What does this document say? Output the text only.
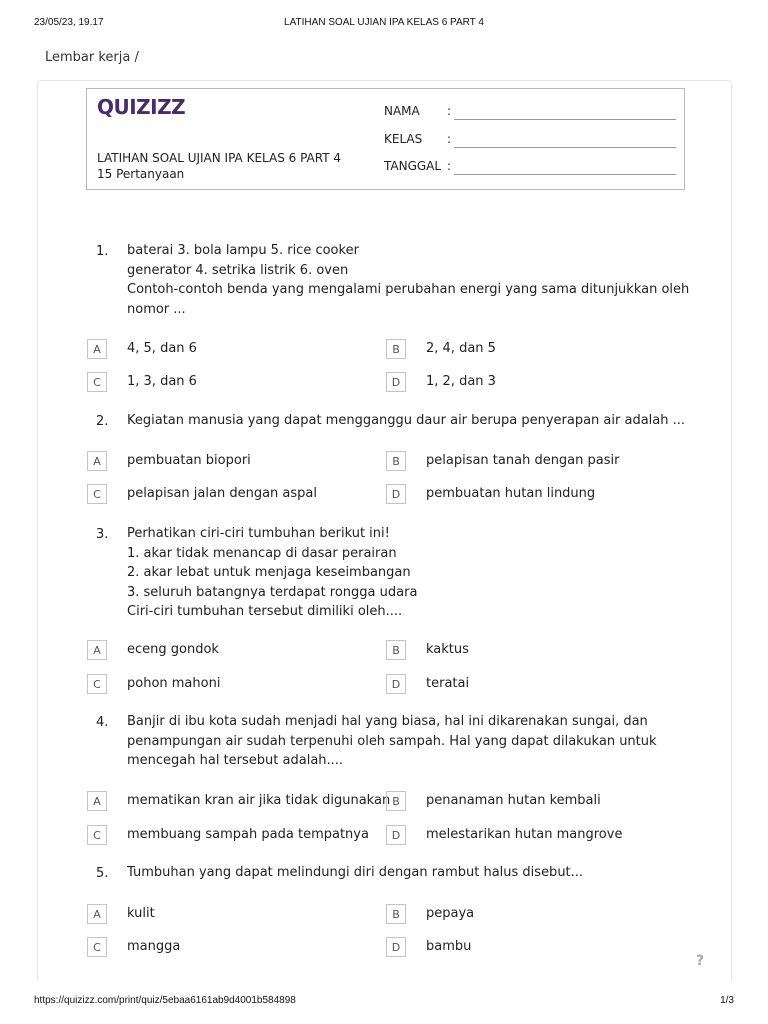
23/05/23, 19.17	LATIHAN SOAL UJIAN IPA KELAS 6 PART 4
Lembar kerja /
QUIZIZZ
LATIHAN SOAL UJIAN IPA KELAS 6 PART 4
15 Pertanyaan
NAMA :
KELAS :
TANGGAL :
1. baterai 3. bola lampu 5. rice cooker
generator 4. setrika listrik 6. oven
Contoh-contoh benda yang mengalami perubahan energi yang sama ditunjukkan oleh
nomor ...
A	4, 5, dan 6	B	2, 4, dan 5
C	1, 3, dan 6	D	1, 2, dan 3
2. Kegiatan manusia yang dapat mengganggu daur air berupa penyerapan air adalah ...
A	pembuatan biopori	B	pelapisan tanah dengan pasir
C	pelapisan jalan dengan aspal	D	pembuatan hutan lindung
3. Perhatikan ciri-ciri tumbuhan berikut ini!
1. akar tidak menancap di dasar perairan
2. akar lebat untuk menjaga keseimbangan
3. seluruh batangnya terdapat rongga udara
Ciri-ciri tumbuhan tersebut dimiliki oleh....
A	eceng gondok	B	kaktus
C	pohon mahoni	D	teratai
4. Banjir di ibu kota sudah menjadi hal yang biasa, hal ini dikarenakan sungai, dan
penampungan air sudah terpenuhi oleh sampah. Hal yang dapat dilakukan untuk
mencegah hal tersebut adalah....
A	mematikan kran air jika tidak digunakan B	penanaman hutan kembali
C	membuang sampah pada tempatnya	D	melestarikan hutan mangrove
5. Tumbuhan yang dapat melindungi diri dengan rambut halus disebut...
A	kulit	B	pepaya
C	mangga	D	bambu
?
https://quizizz.com/print/quiz/5ebaa6161ab9d4001b584898	1/3
